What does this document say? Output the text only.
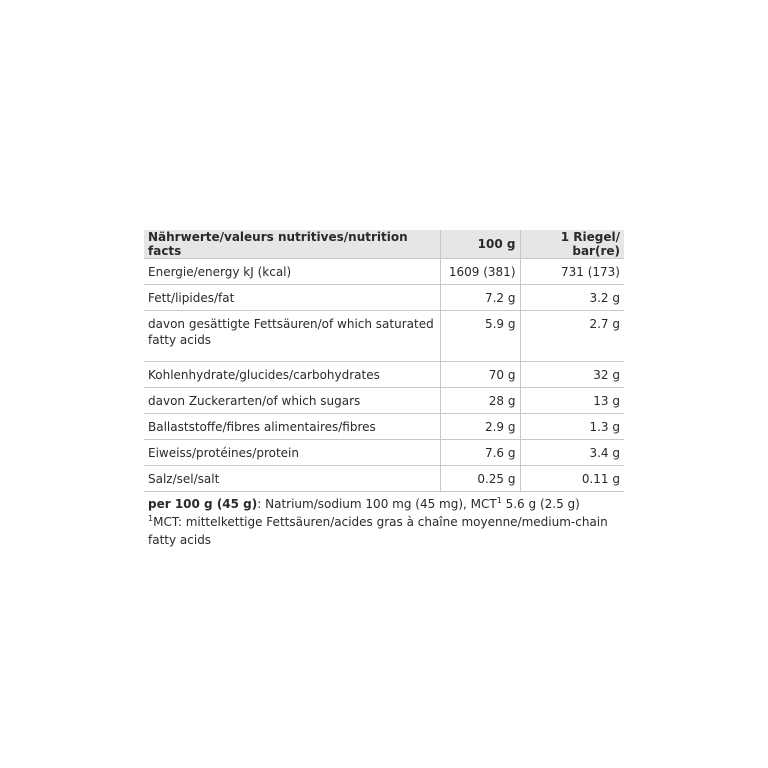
Nährwerte/valeurs nutritives/nutrition facts	100 g	1 Riegel/ bar(re)
Energie/energy kJ (kcal)	1609 (381)	731 (173)
Fett/lipides/fat	7.2 g	3.2 g
davon gesättigte Fettsäuren/of which saturated fatty acids	5.9 g	2.7 g
Kohlenhydrate/glucides/carbohydrates	70 g	32 g
davon Zuckerarten/of which sugars	28 g	13 g
Ballaststoffe/fibres alimentaires/fibres	2.9 g	1.3 g
Eiweiss/protéines/protein	7.6 g	3.4 g
Salz/sel/salt	0.25 g	0.11 g
per 100 g (45 g): Natrium/sodium 100 mg (45 mg), MCT$^1$ 5.6 g (2.5 g)
$^1$MCT: mittelkettige Fettsäuren/acides gras à chaîne moyenne/medium-chain fatty acids
